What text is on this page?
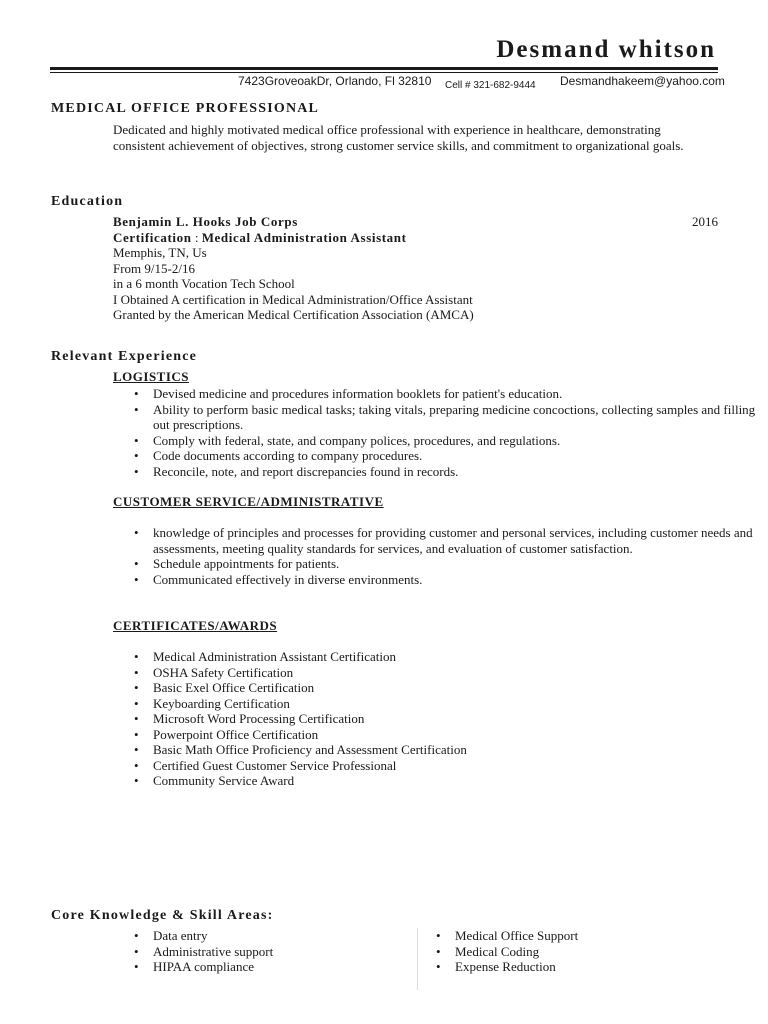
Desmand whitson
7423GroveoakDr, Orlando, Fl 32810 Cell # 321-682-9444 Desmandhakeem@yahoo.com
MEDICAL OFFICE PROFESSIONAL
Dedicated and highly motivated medical office professional with experience in healthcare, demonstrating consistent achievement of objectives, strong customer service skills, and commitment to organizational goals.
Education
Benjamin L. Hooks Job Corps	2016
Certification : Medical Administration Assistant
Memphis, TN, Us
From 9/15-2/16
in a 6 month Vocation Tech School
I Obtained A certification in Medical Administration/Office Assistant
Granted by the American Medical Certification Association (AMCA)
Relevant Experience
LOGISTICS
• Devised medicine and procedures information booklets for patient's education.
• Ability to perform basic medical tasks; taking vitals, preparing medicine concoctions, collecting samples and filling out prescriptions.
• Comply with federal, state, and company polices, procedures, and regulations.
• Code documents according to company procedures.
• Reconcile, note, and report discrepancies found in records.
CUSTOMER SERVICE/ADMINISTRATIVE
• knowledge of principles and processes for providing customer and personal services, including customer needs and assessments, meeting quality standards for services, and evaluation of customer satisfaction.
• Schedule appointments for patients.
• Communicated effectively in diverse environments.
CERTIFICATES/AWARDS
• Medical Administration Assistant Certification
• OSHA Safety Certification
• Basic Exel Office Certification
• Keyboarding Certification
• Microsoft Word Processing Certification
• Powerpoint Office Certification
• Basic Math Office Proficiency and Assessment Certification
• Certified Guest Customer Service Professional
• Community Service Award
Core Knowledge & Skill Areas:
• Data entry
• Administrative support
• HIPAA compliance
• Medical Office Support
• Medical Coding
• Expense Reduction
